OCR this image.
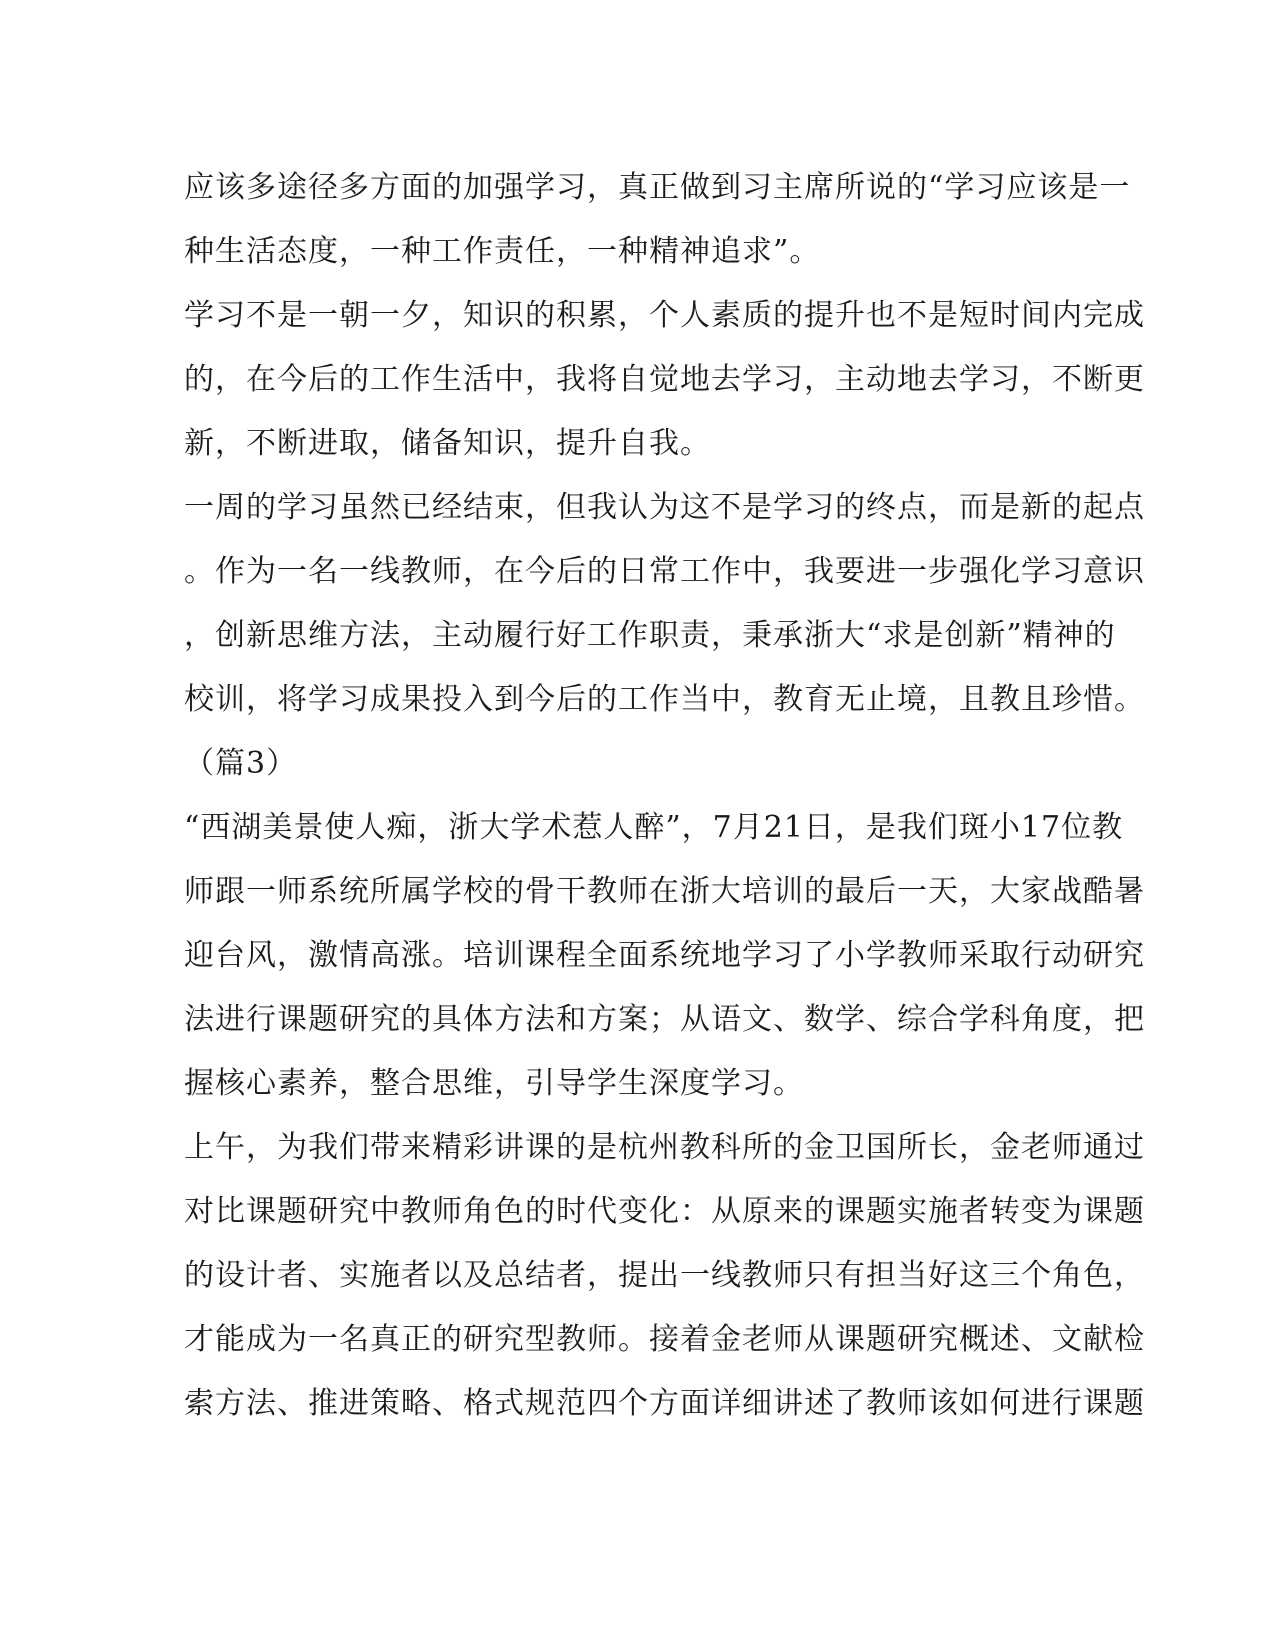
应该多途径多方面的加强学习，真正做到习主席所说的“学习应该是一
种生活态度，一种工作责任，一种精神追求”。
学习不是一朝一夕，知识的积累，个人素质的提升也不是短时间内完成
的，在今后的工作生活中，我将自觉地去学习，主动地去学习，不断更
新，不断进取，储备知识，提升自我。
一周的学习虽然已经结束，但我认为这不是学习的终点，而是新的起点
。作为一名一线教师，在今后的日常工作中，我要进一步强化学习意识
，创新思维方法，主动履行好工作职责，秉承浙大“求是创新”精神的
校训，将学习成果投入到今后的工作当中，教育无止境，且教且珍惜。
（篇3）
“西湖美景使人痴，浙大学术惹人醉”，7月21日，是我们斑小17位教
师跟一师系统所属学校的骨干教师在浙大培训的最后一天，大家战酷暑
迎台风，激情高涨。培训课程全面系统地学习了小学教师采取行动研究
法进行课题研究的具体方法和方案；从语文、数学、综合学科角度，把
握核心素养，整合思维，引导学生深度学习。
上午，为我们带来精彩讲课的是杭州教科所的金卫国所长，金老师通过
对比课题研究中教师角色的时代变化：从原来的课题实施者转变为课题
的设计者、实施者以及总结者，提出一线教师只有担当好这三个角色，
才能成为一名真正的研究型教师。接着金老师从课题研究概述、文献检
索方法、推进策略、格式规范四个方面详细讲述了教师该如何进行课题
